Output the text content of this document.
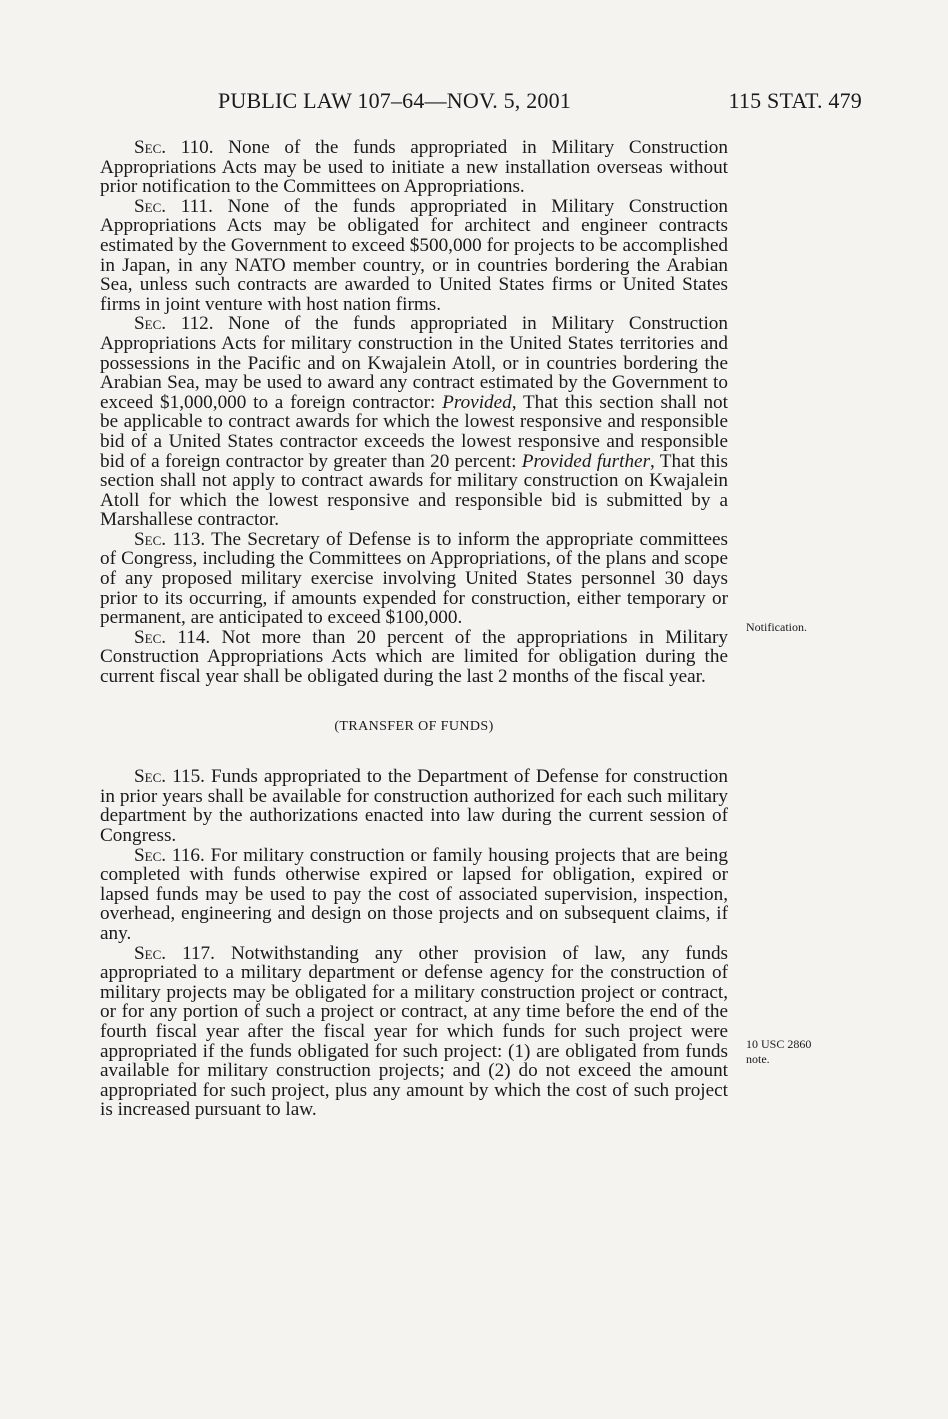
PUBLIC LAW 107–64—NOV. 5, 2001	115 STAT. 479

Sec. 110. None of the funds appropriated in Military Construction Appropriations Acts may be used to initiate a new installation overseas without prior notification to the Committees on Appropriations.

Sec. 111. None of the funds appropriated in Military Construction Appropriations Acts may be obligated for architect and engineer contracts estimated by the Government to exceed $500,000 for projects to be accomplished in Japan, in any NATO member country, or in countries bordering the Arabian Sea, unless such contracts are awarded to United States firms or United States firms in joint venture with host nation firms.

Sec. 112. None of the funds appropriated in Military Construction Appropriations Acts for military construction in the United States territories and possessions in the Pacific and on Kwajalein Atoll, or in countries bordering the Arabian Sea, may be used to award any contract estimated by the Government to exceed $1,000,000 to a foreign contractor: Provided, That this section shall not be applicable to contract awards for which the lowest responsive and responsible bid of a United States contractor exceeds the lowest responsive and responsible bid of a foreign contractor by greater than 20 percent: Provided further, That this section shall not apply to contract awards for military construction on Kwajalein Atoll for which the lowest responsive and responsible bid is submitted by a Marshallese contractor.

Sec. 113. The Secretary of Defense is to inform the appropriate committees of Congress, including the Committees on Appropriations, of the plans and scope of any proposed military exercise involving United States personnel 30 days prior to its occurring, if amounts expended for construction, either temporary or permanent, are anticipated to exceed $100,000.

Sec. 114. Not more than 20 percent of the appropriations in Military Construction Appropriations Acts which are limited for obligation during the current fiscal year shall be obligated during the last 2 months of the fiscal year.

(TRANSFER OF FUNDS)

Sec. 115. Funds appropriated to the Department of Defense for construction in prior years shall be available for construction authorized for each such military department by the authorizations enacted into law during the current session of Congress.

Sec. 116. For military construction or family housing projects that are being completed with funds otherwise expired or lapsed for obligation, expired or lapsed funds may be used to pay the cost of associated supervision, inspection, overhead, engineering and design on those projects and on subsequent claims, if any.

Sec. 117. Notwithstanding any other provision of law, any funds appropriated to a military department or defense agency for the construction of military projects may be obligated for a military construction project or contract, or for any portion of such a project or contract, at any time before the end of the fourth fiscal year after the fiscal year for which funds for such project were appropriated if the funds obligated for such project: (1) are obligated from funds available for military construction projects; and (2) do not exceed the amount appropriated for such project, plus any amount by which the cost of such project is increased pursuant to law.

Notification.
10 USC 2860
note.
